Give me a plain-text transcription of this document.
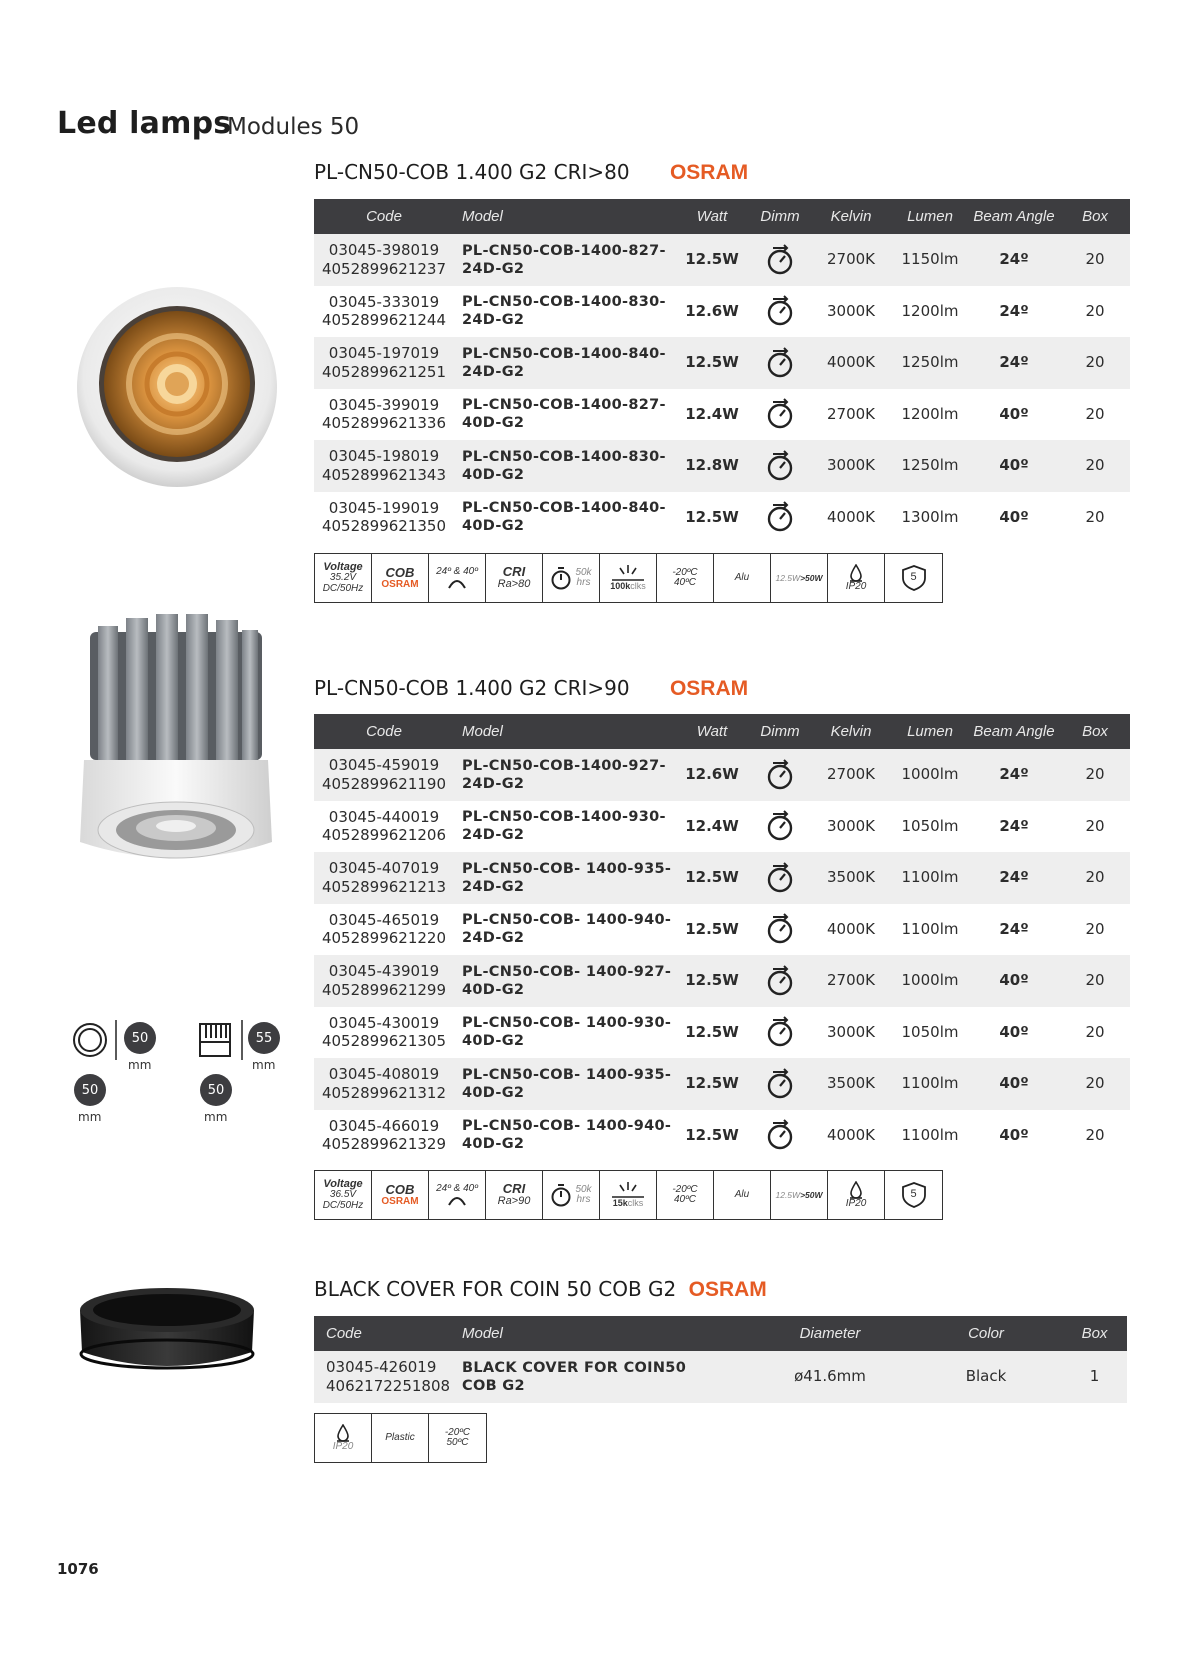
Led lamps
Modules 50
PL-CN50-COB 1.400 G2 CRI>80 OSRAM
Code	Model	Watt	Dimm	Kelvin	Lumen	Beam Angle	Box

03045-398019
4052899621237	PL-CN50-COB-1400-827-
24D-G2	12.5W		2700K	1150lm	24º	20

03045-333019
4052899621244	PL-CN50-COB-1400-830-
24D-G2	12.6W		3000K	1200lm	24º	20

03045-197019
4052899621251	PL-CN50-COB-1400-840-
24D-G2	12.5W		4000K	1250lm	24º	20

03045-399019
4052899621336	PL-CN50-COB-1400-827-
40D-G2	12.4W		2700K	1200lm	40º	20

03045-198019
4052899621343	PL-CN50-COB-1400-830-
40D-G2	12.8W		3000K	1250lm	40º	20

03045-199019
4052899621350	PL-CN50-COB-1400-840-
40D-G2	12.5W		4000K	1300lm	40º	20
Voltage
35.2V
DC/50Hz
COB
OSRAM
24º & 40º CRI
Ra>80
50k
hrs 100kclks
-20ºC
40ºC	Alu	12.5W>50W
IP20
5
50
mm
50
mm
55
mm
50
mm
PL-CN50-COB 1.400 G2 CRI>90 OSRAM
Code	Model	Watt	Dimm	Kelvin	Lumen	Beam Angle	Box

03045-459019
4052899621190	PL-CN50-COB-1400-927-
24D-G2	12.6W		2700K	1000lm	24º	20

03045-440019
4052899621206	PL-CN50-COB-1400-930-
24D-G2	12.4W		3000K	1050lm	24º	20

03045-407019
4052899621213	PL-CN50-COB- 1400-935-
24D-G2	12.5W		3500K	1100lm	24º	20

03045-465019
4052899621220	PL-CN50-COB- 1400-940-
24D-G2	12.5W		4000K	1100lm	24º	20

03045-439019
4052899621299	PL-CN50-COB- 1400-927-
40D-G2	12.5W		2700K	1000lm	40º	20

03045-430019
4052899621305	PL-CN50-COB- 1400-930-
40D-G2	12.5W		3000K	1050lm	40º	20

03045-408019
4052899621312	PL-CN50-COB- 1400-935-
40D-G2	12.5W		3500K	1100lm	40º	20

03045-466019
4052899621329	PL-CN50-COB- 1400-940-
40D-G2	12.5W		4000K	1100lm	40º	20
Voltage
36.5V
DC/50Hz
COB
OSRAM
24º & 40º CRI
Ra>90
50k
hrs 15kclks
-20ºC
40ºC	Alu	12.5W>50W
IP20
5
BLACK COVER FOR COIN 50 COB G2 OSRAM
Code	Model	Diameter	Color	Box

03045-426019
4062172251808	BLACK COVER FOR COIN50
COB G2	ø41.6mm	Black	1
IP20
Plastic	-20ºC
50ºC
1076
